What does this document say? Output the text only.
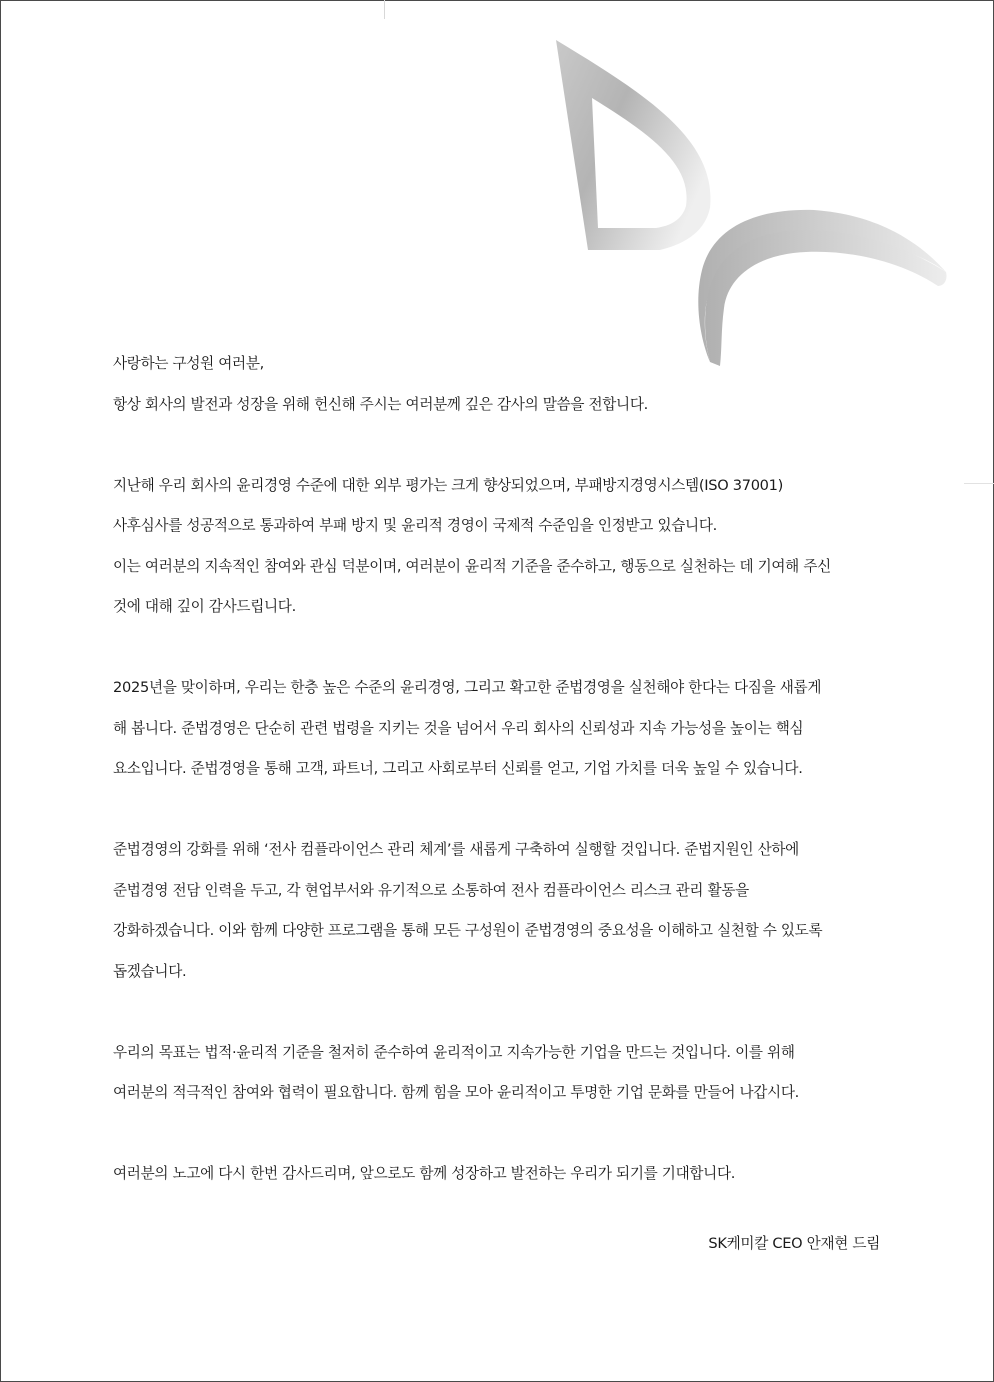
사랑하는 구성원 여러분,
항상 회사의 발전과 성장을 위해 헌신해 주시는 여러분께 깊은 감사의 말씀을 전합니다.
지난해 우리 회사의 윤리경영 수준에 대한 외부 평가는 크게 향상되었으며, 부패방지경영시스템(ISO 37001)
사후심사를 성공적으로 통과하여 부패 방지 및 윤리적 경영이 국제적 수준임을 인정받고 있습니다.
이는 여러분의 지속적인 참여와 관심 덕분이며, 여러분이 윤리적 기준을 준수하고, 행동으로 실천하는 데 기여해 주신
것에 대해 깊이 감사드립니다.
2025년을 맞이하며, 우리는 한층 높은 수준의 윤리경영, 그리고 확고한 준법경영을 실천해야 한다는 다짐을 새롭게
해 봅니다. 준법경영은 단순히 관련 법령을 지키는 것을 넘어서 우리 회사의 신뢰성과 지속 가능성을 높이는 핵심
요소입니다. 준법경영을 통해 고객, 파트너, 그리고 사회로부터 신뢰를 얻고, 기업 가치를 더욱 높일 수 있습니다.
준법경영의 강화를 위해 ‘전사 컴플라이언스 관리 체계’를 새롭게 구축하여 실행할 것입니다. 준법지원인 산하에
준법경영 전담 인력을 두고, 각 현업부서와 유기적으로 소통하여 전사 컴플라이언스 리스크 관리 활동을
강화하겠습니다. 이와 함께 다양한 프로그램을 통해 모든 구성원이 준법경영의 중요성을 이해하고 실천할 수 있도록
돕겠습니다.
우리의 목표는 법적·윤리적 기준을 철저히 준수하여 윤리적이고 지속가능한 기업을 만드는 것입니다. 이를 위해
여러분의 적극적인 참여와 협력이 필요합니다. 함께 힘을 모아 윤리적이고 투명한 기업 문화를 만들어 나갑시다.
여러분의 노고에 다시 한번 감사드리며, 앞으로도 함께 성장하고 발전하는 우리가 되기를 기대합니다.
SK케미칼 CEO 안재현 드림
